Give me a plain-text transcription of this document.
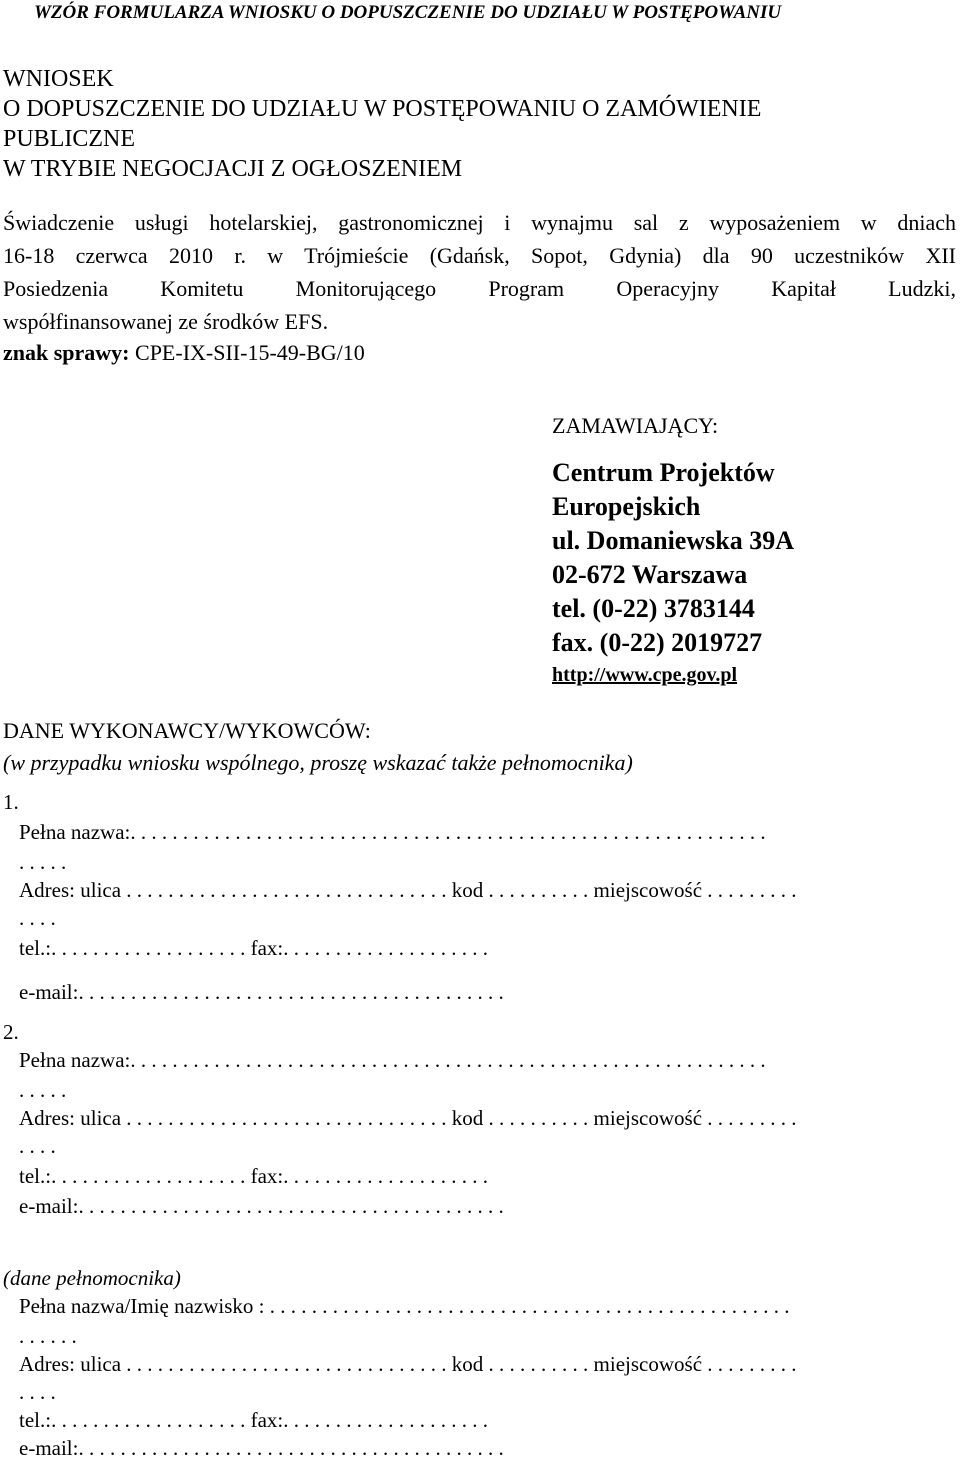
WZÓR FORMULARZA WNIOSKU O DOPUSZCZENIE DO UDZIAŁU W POSTĘPOWANIU
WNIOSEK
O DOPUSZCZENIE DO UDZIAŁU W POSTĘPOWANIU O ZAMÓWIENIE
PUBLICZNE
W TRYBIE NEGOCJACJI Z OGŁOSZENIEM
Świadczenie usługi hotelarskiej, gastronomicznej i wynajmu sal z wyposażeniem w dniach
16-18 czerwca 2010 r. w Trójmieście (Gdańsk, Sopot, Gdynia) dla 90 uczestników XII
Posiedzenia Komitetu Monitorującego Program Operacyjny Kapitał Ludzki,
współfinansowanej ze środków EFS.
znak sprawy: CPE-IX-SII-15-49-BG/10
ZAMAWIAJĄCY:
Centrum Projektów
Europejskich
ul. Domaniewska 39A
02-672 Warszawa
tel. (0-22) 3783144
fax. (0-22) 2019727
http://www.cpe.gov.pl
DANE WYKONAWCY/WYKOWCÓW:
(w przypadku wniosku wspólnego, proszę wskazać także pełnomocnika)
1.
Pełna nazwa:. . . . . . . . . . . . . . . . . . . . . . . . . . . . . . . . . . . . . . . . . . . . . . . . . . . . . . . . . . . . .
. . . . .
Adres: ulica . . . . . . . . . . . . . . . . . . . . . . . . . . . . . . . kod . . . . . . . . . . miejscowość . . . . . . . . .
. . . .
tel.:. . . . . . . . . . . . . . . . . . . fax:. . . . . . . . . . . . . . . . . . . .
e-mail:. . . . . . . . . . . . . . . . . . . . . . . . . . . . . . . . . . . . . . . . .
2.
Pełna nazwa:. . . . . . . . . . . . . . . . . . . . . . . . . . . . . . . . . . . . . . . . . . . . . . . . . . . . . . . . . . . . .
. . . . .
Adres: ulica . . . . . . . . . . . . . . . . . . . . . . . . . . . . . . . kod . . . . . . . . . . miejscowość . . . . . . . . .
. . . .
tel.:. . . . . . . . . . . . . . . . . . . fax:. . . . . . . . . . . . . . . . . . . .
e-mail:. . . . . . . . . . . . . . . . . . . . . . . . . . . . . . . . . . . . . . . . .
(dane pełnomocnika)
Pełna nazwa/Imię nazwisko : . . . . . . . . . . . . . . . . . . . . . . . . . . . . . . . . . . . . . . . . . . . . . . . . . .
. . . . . .
Adres: ulica . . . . . . . . . . . . . . . . . . . . . . . . . . . . . . . kod . . . . . . . . . . miejscowość . . . . . . . . .
. . . .
tel.:. . . . . . . . . . . . . . . . . . . fax:. . . . . . . . . . . . . . . . . . . .
e-mail:. . . . . . . . . . . . . . . . . . . . . . . . . . . . . . . . . . . . . . . . .
